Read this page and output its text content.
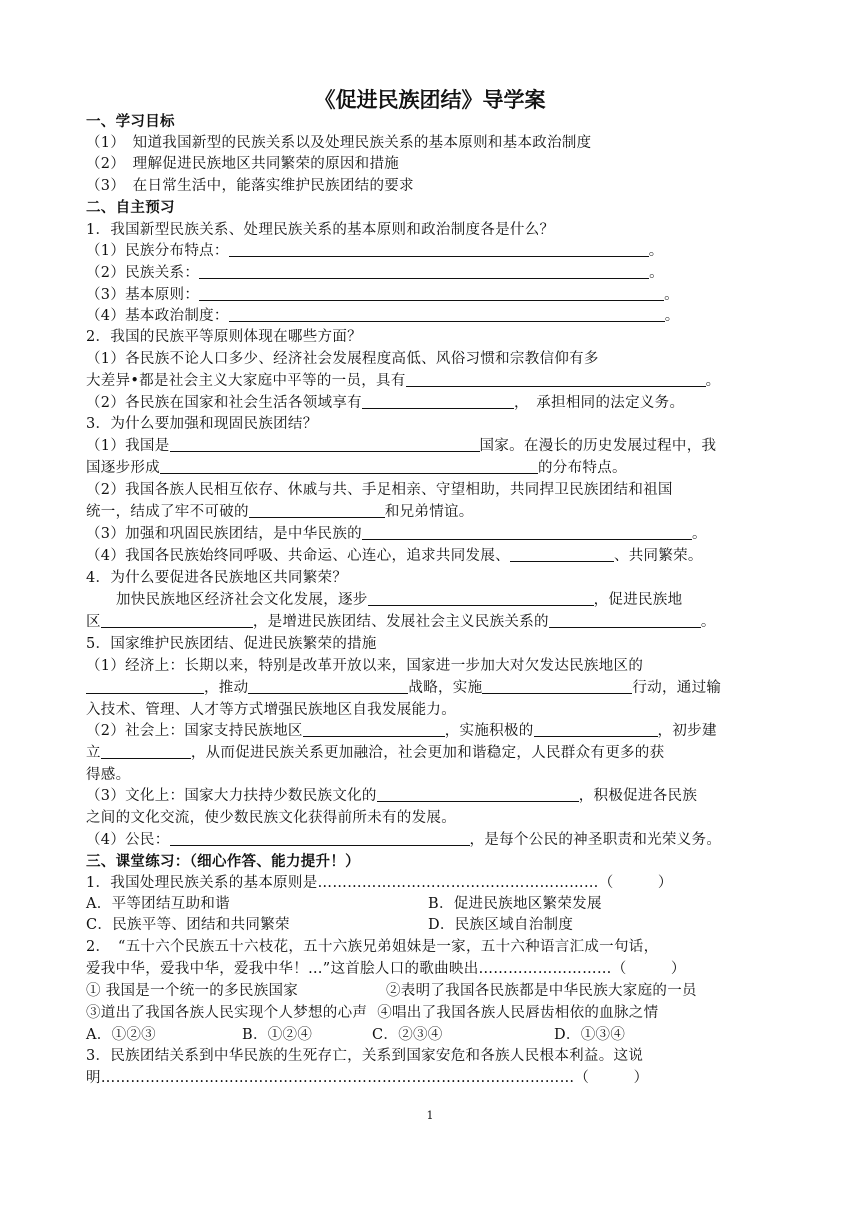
《促进民族团结》导学案
一、学习目标
（1）　知道我国新型的民族关系以及处理民族关系的基本原则和基本政治制度
（2）　理解促进民族地区共同繁荣的原因和措施
（3）　在日常生活中，能落实维护民族团结的要求
二、自主预习
1．我国新型民族关系、处理民族关系的基本原则和政治制度各是什么？
（1）民族分布特点：	。
（2）民族关系：	。
（3）基本原则：	。
（4）基本政治制度：	。
2．我国的民族平等原则体现在哪些方面？
（1）各民族不论人口多少、经济社会发展程度高低、风俗习惯和宗教信仰有多
大差异•都是社会主义大家庭中平等的一员，具有	。
（2）各民族在国家和社会生活各领域享有	，　承担相同的法定义务。
3．为什么要加强和现固民族团结？
（1）我国是	国家。在漫长的历史发展过程中，我
国逐步形成	的分布特点。
（2）我国各族人民相互依存、休戚与共、手足相亲、守望相助，共同捍卫民族团结和祖国
统一，结成了牢不可破的	和兄弟情谊。
（3）加强和巩固民族团结，是中华民族的	。
（4）我国各民族始终同呼吸、共命运、心连心，追求共同发展、	、共同繁荣。
4．为什么要促进各民族地区共同繁荣？
加快民族地区经济社会文化发展，逐步	，促进民族地
区	，是增进民族团结、发展社会主义民族关系的	。
5．国家维护民族团结、促进民族繁荣的措施
（1）经济上：长期以来，特别是改革开放以来，国家进一步加大对欠发达民族地区的
，推动	战略，实施	行动，通过输
入技术、管理、人才等方式增强民族地区自我发展能力。
（2）社会上：国家支持民族地区	，实施积极的	，初步建
立	，从而促进民族关系更加融洽，社会更加和谐稳定，人民群众有更多的获
得感。
（3）文化上：国家大力扶持少数民族文化的	，积极促进各民族
之间的文化交流，使少数民族文化获得前所未有的发展。
（4）公民：	，是每个公民的神圣职责和光荣义务。
三、课堂练习：（细心作答、能力提升！）
1．我国处理民族关系的基本原则是…………………………………………………（　　　）
A．平等团结互助和谐	B．促进民族地区繁荣发展
C．民族平等、团结和共同繁荣	D．民族区域自治制度
2．　“五十六个民族五十六枝花，五十六族兄弟姐妹是一家，五十六种语言汇成一句话，
爱我中华，爱我中华，爱我中华！…”这首脍人口的歌曲映出………………………（　　　）
① 我国是一个统一的多民族国家	②表明了我国各民族都是中华民族大家庭的一员
③道出了我国各族人民实现个人梦想的心声 ④唱出了我国各族人民唇齿相依的血脉之情
A．①②③	B．①②④	C．②③④	D．①③④
3．民族团结关系到中华民族的生死存亡，关系到国家安危和各族人民根本利益。这说
明……………………………………………………………………………………（　　　）
1
